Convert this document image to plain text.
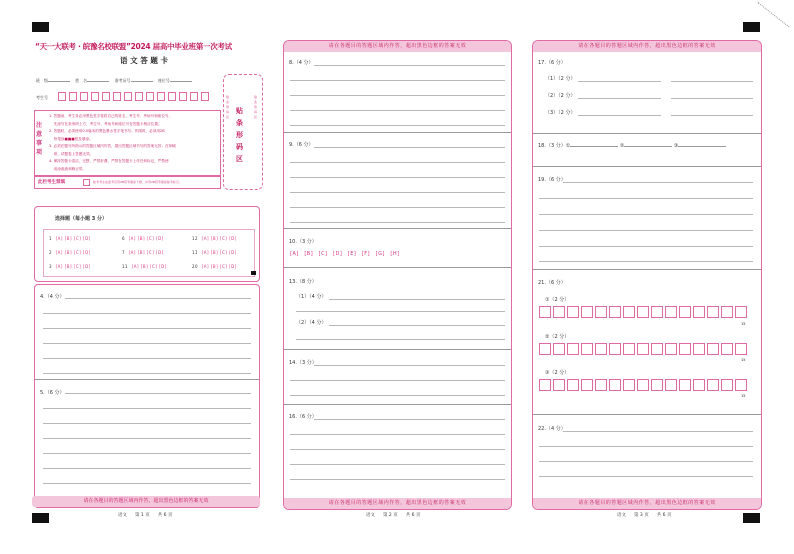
“天一大联考 · 皖豫名校联盟”2024 届高中毕业班第一次考试
语 文 答 题 卡
班　级	姓　名	准考证号	座位号
考生号
注意事项
1. 答题前，考生务必用黑色签字笔将自己的姓名、考生号、考场号和座位号，
　 先涂写在条形码上方，考生号、考场号和座位号在答题卡相应位置。
2. 答题时，必须使用0.5毫米的黑色墨水签字笔书写；作图时，必须用2B
　 铅笔涂■■■框及填涂。
3. 必须在题号所指示的答题区域内作答，超出答题区域书写的答案无效；在草稿
　 纸、试题卷上答题无效。
4. 保持答题卡清洁、完整，严禁折叠，严禁在答题卡上作任何标记，严禁使
　 用涂改液和修正带。
此栏考生禁填	缺考考生由监考员用2B铅笔填涂下框，并用2B铅笔填涂缺考标记。
贴 条 形 码 区
贴条形码区
贴条形码区
选择题（每小题 3 分）
1 [A] [B] [C] [D]	6 [A] [B] [C] [D]	12 [A] [B] [C] [D]
2 [A] [B] [C] [D]	7 [A] [B] [C] [D]	11 [A] [B] [C] [D]
3 [A] [B] [C] [D]	11 [A] [B] [C] [D]	20 [A] [B] [C] [D]
4.（4 分）
5.（6 分）
语文 第 1 页 共 6 页
请在各题目的答题区域内作答，超出黑色边框的答案无效
请在各题目的答题区域内作答，超出黑色边框的答案无效
8.（4 分）
9.（6 分）
10.（3 分）
[A]　[B]　[C]　[D]　[E]　[F]　[G]　[H]
13.（8 分）
（1）（4 分）
（2）（4 分）
14.（3 分）
16.（6 分）
请在各题目的答题区域内作答，超出黑色边框的答案无效
语文 第 2 页 共 6 页
请在各题目的答题区域内作答，超出黑色边框的答案无效
17.（6 分）
（1）（2 分）
（2）（2 分）
（3）（2 分）
18.（3 分）①	②	③
19.（6 分）
21.（6 分）
①（2 分）
15
②（2 分）
15
③（2 分）
15
22.（4 分）
请在各题目的答题区域内作答，超出黑色边框的答案无效
语文 第 3 页 共 6 页
